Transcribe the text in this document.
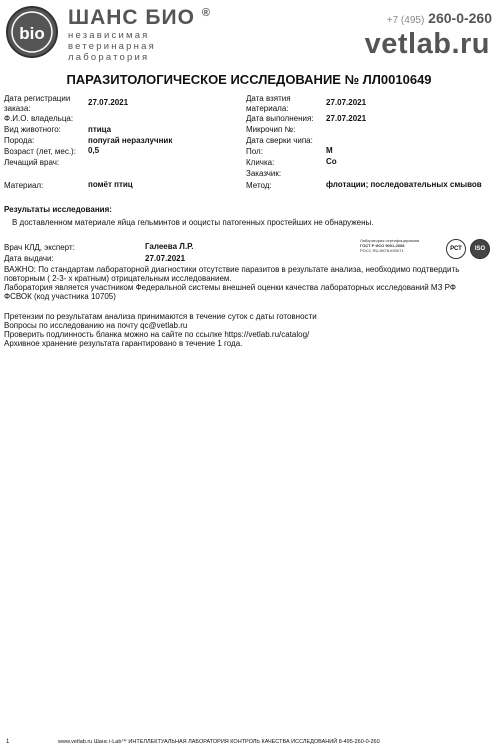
bio
ШАНС БИО ®
независимая
ветеринарная
лаборатория
+7 (495) 260-0-260
vetlab.ru
ПАРАЗИТОЛОГИЧЕСКОЕ ИССЛЕДОВАНИЕ № ЛЛ0010649
Дата регистрации заказа:
27.07.2021
Ф.И.О. владельца:
Вид животного:	птица
Порода:	попугай неразлучник
Возраст (лет, мес.): 0,5
Лечащий врач:
Дата взятия материала:
27.07.2021
Дата выполнения: 27.07.2021
Микрочип №:
Дата сверки чипа:
Пол:	М
Кличка:	Со
Заказчик:
Материал:	помёт птиц	Метод:	флотации; последовательных смывов
Результаты исследования:
В доставленном материале яйца гельминтов и ооцисты патогенных простейших не обнаружены.
Врач КЛД, эксперт:	Галеева Л.Р.
Дата выдачи:	27.07.2021
Лаборатория сертифицирована
ГОСТ Р ИСО 9001-2008
РОСС RU.ИК76.К00071	РСТ	ISO
ВАЖНО: По стандартам лабораторной диагностики отсутствие паразитов в результате анализа, необходимо подтвердить
повторным ( 2-3- х кратным) отрицательным исследованием.
Лаборатория является участником Федеральной системы внешней оценки качества лабораторных исследований МЗ РФ
ФСВОК (код участника 10705)
Претензии по результатам анализа принимаются в течение суток с даты готовности
Вопросы по исследованию на почту qc@vetlab.ru
Проверить подлинность бланка можно на сайте по ссылке https://vetlab.ru/catalog/
Архивное хранение результата гарантировано в течение 1 года.
1	www.vetlab.ru Шанс i-Lab™ ИНТЕЛЛЕКТУАЛЬНАЯ ЛАБОРАТОРИЯ КОНТРОЛЬ КАЧЕСТВА ИССЛЕДОВАНИЙ 8-495-260-0-260
